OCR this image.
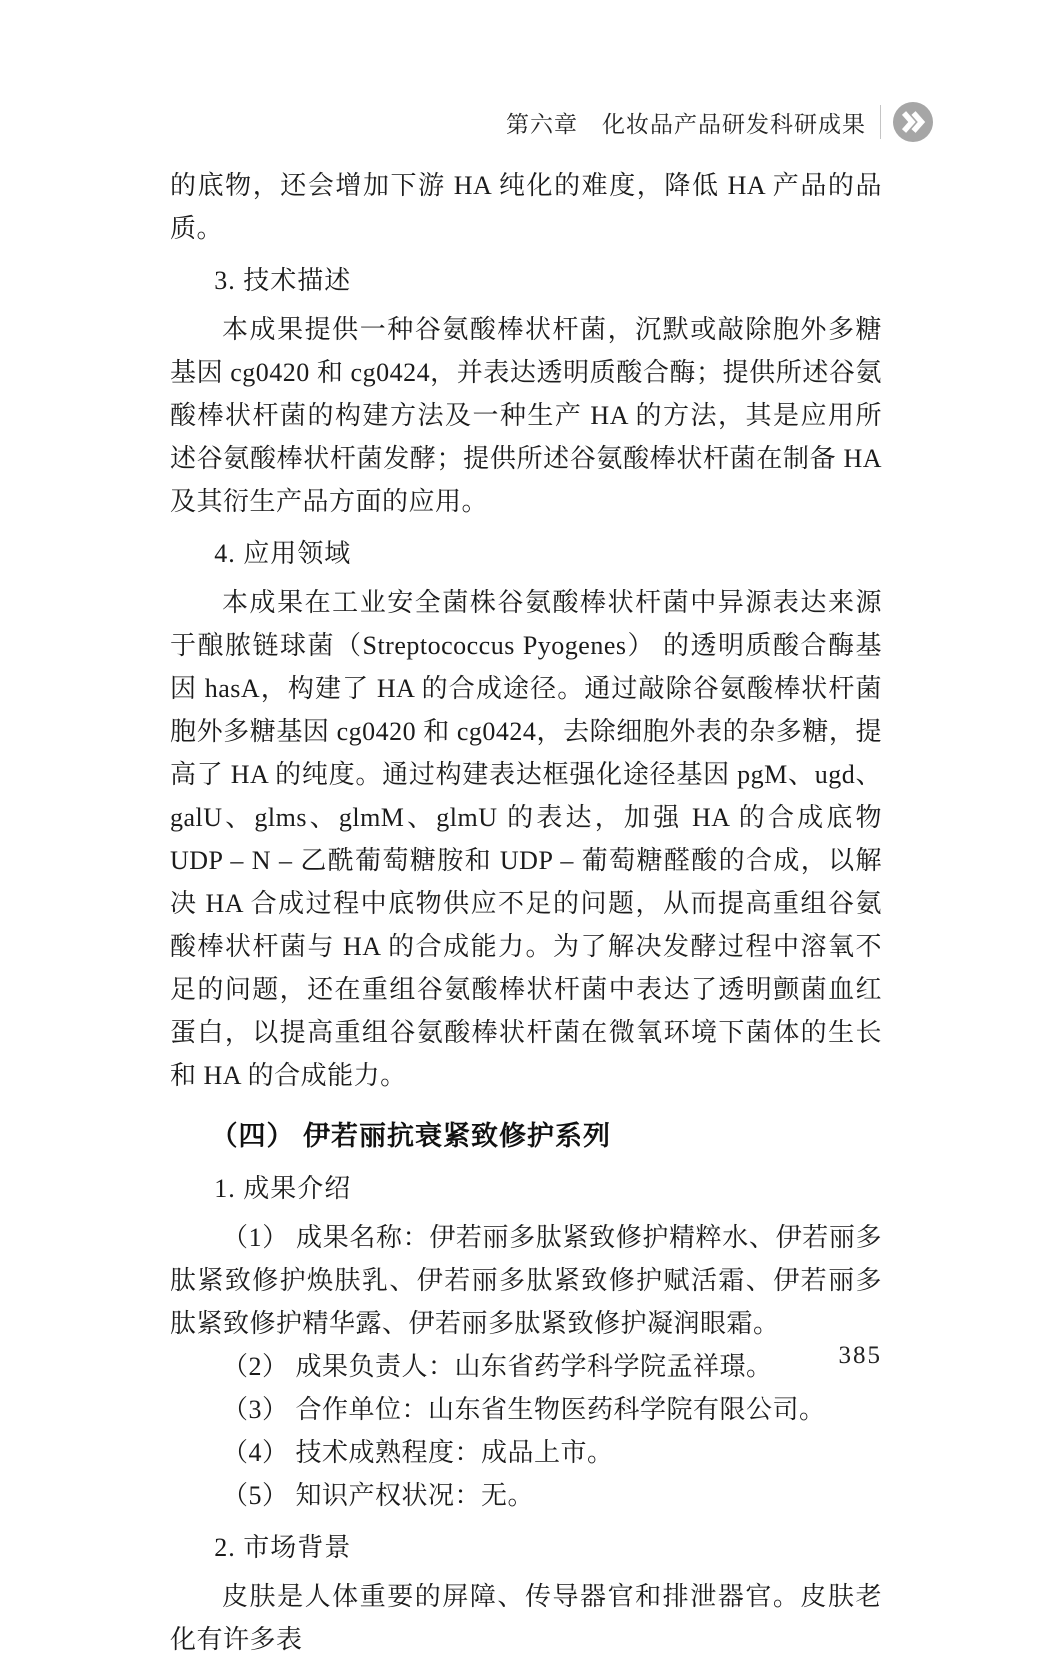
第六章 化妆品产品研发科研成果

的底物，还会增加下游 HA 纯化的难度，降低 HA 产品的品质。

3. 技术描述

本成果提供一种谷氨酸棒状杆菌，沉默或敲除胞外多糖基因 cg0420 和 cg0424，并表达透明质酸合酶；提供所述谷氨酸棒状杆菌的构建方法及一种生产 HA 的方法，其是应用所述谷氨酸棒状杆菌发酵；提供所述谷氨酸棒状杆菌在制备 HA 及其衍生产品方面的应用。

4. 应用领域

本成果在工业安全菌株谷氨酸棒状杆菌中异源表达来源于酿脓链球菌（Streptococcus Pyogenes） 的透明质酸合酶基因 hasA，构建了 HA 的合成途径。通过敲除谷氨酸棒状杆菌胞外多糖基因 cg0420 和 cg0424，去除细胞外表的杂多糖，提高了 HA 的纯度。通过构建表达框强化途径基因 pgM、ugd、galU、glms、glmM、glmU 的表达，加强 HA 的合成底物 UDP – N – 乙酰葡萄糖胺和 UDP – 葡萄糖醛酸的合成，以解决 HA 合成过程中底物供应不足的问题，从而提高重组谷氨酸棒状杆菌与 HA 的合成能力。为了解决发酵过程中溶氧不足的问题，还在重组谷氨酸棒状杆菌中表达了透明颤菌血红蛋白，以提高重组谷氨酸棒状杆菌在微氧环境下菌体的生长和 HA 的合成能力。

（四） 伊若丽抗衰紧致修护系列

1. 成果介绍

（1） 成果名称：伊若丽多肽紧致修护精粹水、伊若丽多肽紧致修护焕肤乳、伊若丽多肽紧致修护赋活霜、伊若丽多肽紧致修护精华露、伊若丽多肽紧致修护凝润眼霜。

（2） 成果负责人：山东省药学科学院孟祥璟。

（3） 合作单位：山东省生物医药科学院有限公司。

（4） 技术成熟程度：成品上市。

（5） 知识产权状况：无。

2. 市场背景

皮肤是人体重要的屏障、传导器官和排泄器官。皮肤老化有许多表

385
